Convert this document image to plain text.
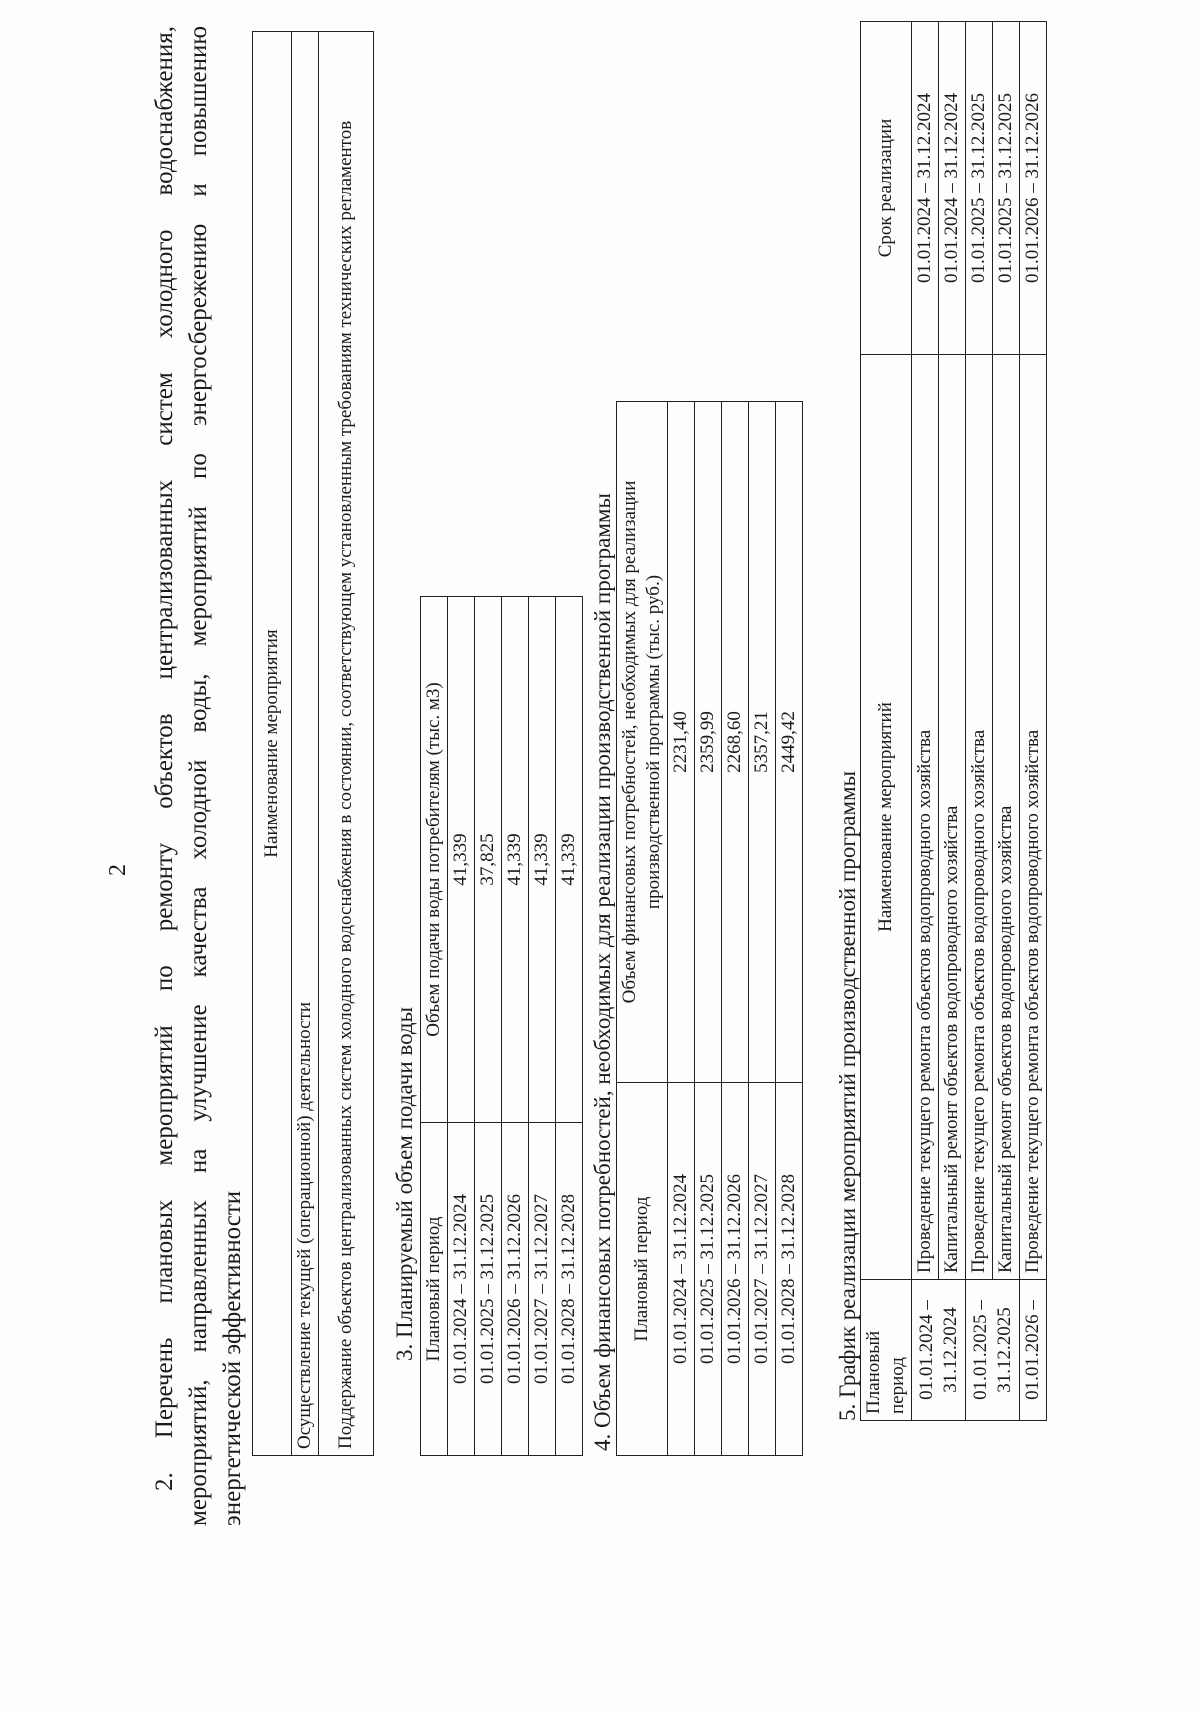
2 2. Перечень плановых мероприятий по ремонту объектов централизованных систем холодного водоснабжения, мероприятий, направленных на улучшение качества холодной воды, мероприятий по энергосбережению и повышению энергетической эффективности
Наименование мероприятия
Осуществление текущей (операционной) деятельности
Поддержание объектов централизованных систем холодного водоснабжения в состоянии, соответствующем установленным требованиям технических регламентов 3. Планируемый объем подачи воды Плановый период	Объем подачи воды потребителям (тыс. м3)
01.01.2024 – 31.12.2024	41,339
01.01.2025 – 31.12.2025	37,825
01.01.2026 – 31.12.2026	41,339
01.01.2027 – 31.12.2027	41,339
01.01.2028 – 31.12.2028	41,339 4. Объем финансовых потребностей, необходимых для реализации производственной программы Плановый период	Объем финансовых потребностей, необходимых для реализации производственной программы (тыс. руб.)
01.01.2024 – 31.12.2024	2231,40
01.01.2025 – 31.12.2025	2359,99
01.01.2026 – 31.12.2026	2268,60
01.01.2027 – 31.12.2027	5357,21
01.01.2028 – 31.12.2028	2449,42
5. График реализации мероприятий производственной программы Плановый период	Наименование мероприятий	Срок реализации
01.01.2024 – 31.12.2024	Проведение текущего ремонта объектов водопроводного хозяйства	01.01.2024 – 31.12.2024
	Капитальный ремонт объектов водопроводного хозяйства	01.01.2024 – 31.12.2024
01.01.2025 – 31.12.2025	Проведение текущего ремонта объектов водопроводного хозяйства	01.01.2025 – 31.12.2025
	Капитальный ремонт объектов водопроводного хозяйства	01.01.2025 – 31.12.2025
01.01.2026 –	Проведение текущего ремонта объектов водопроводного хозяйства	01.01.2026 – 31.12.2026
